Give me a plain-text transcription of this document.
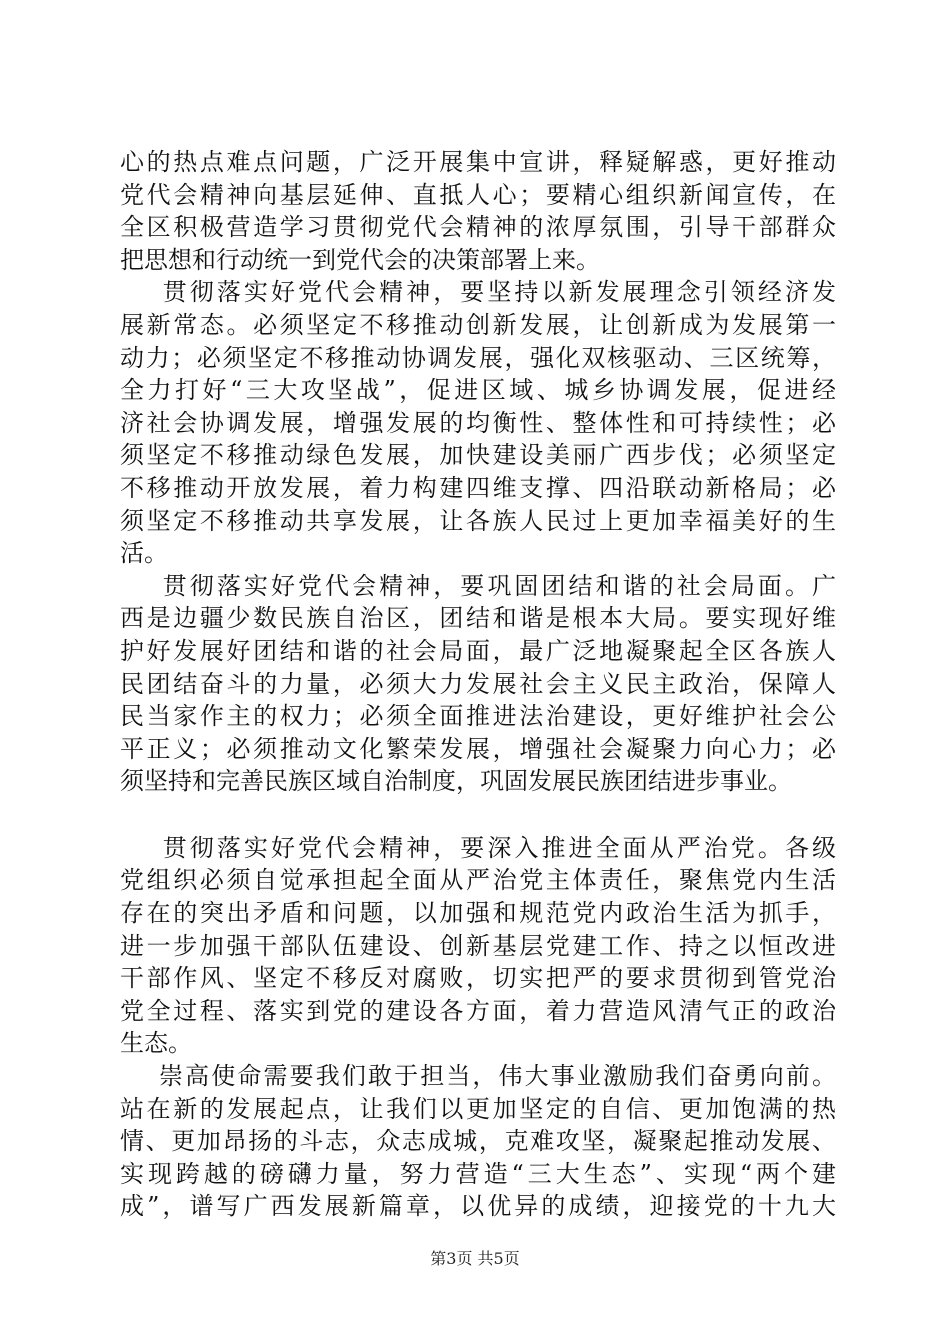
心的热点难点问题，广泛开展集中宣讲，释疑解惑，更好推动
党代会精神向基层延伸、直抵人心；要精心组织新闻宣传，在
全区积极营造学习贯彻党代会精神的浓厚氛围，引导干部群众
把思想和行动统一到党代会的决策部署上来。
贯彻落实好党代会精神，要坚持以新发展理念引领经济发
展新常态。必须坚定不移推动创新发展，让创新成为发展第一
动力；必须坚定不移推动协调发展，强化双核驱动、三区统筹，
全力打好“三大攻坚战”，促进区域、城乡协调发展，促进经
济社会协调发展，增强发展的均衡性、整体性和可持续性；必
须坚定不移推动绿色发展，加快建设美丽广西步伐；必须坚定
不移推动开放发展，着力构建四维支撑、四沿联动新格局；必
须坚定不移推动共享发展，让各族人民过上更加幸福美好的生
活。
贯彻落实好党代会精神，要巩固团结和谐的社会局面。广
西是边疆少数民族自治区，团结和谐是根本大局。要实现好维
护好发展好团结和谐的社会局面，最广泛地凝聚起全区各族人
民团结奋斗的力量，必须大力发展社会主义民主政治，保障人
民当家作主的权力；必须全面推进法治建设，更好维护社会公
平正义；必须推动文化繁荣发展，增强社会凝聚力向心力；必
须坚持和完善民族区域自治制度，巩固发展民族团结进步事业。
贯彻落实好党代会精神，要深入推进全面从严治党。各级
党组织必须自觉承担起全面从严治党主体责任，聚焦党内生活
存在的突出矛盾和问题，以加强和规范党内政治生活为抓手，
进一步加强干部队伍建设、创新基层党建工作、持之以恒改进
干部作风、坚定不移反对腐败，切实把严的要求贯彻到管党治
党全过程、落实到党的建设各方面，着力营造风清气正的政治
生态。
崇高使命需要我们敢于担当，伟大事业激励我们奋勇向前。
站在新的发展起点，让我们以更加坚定的自信、更加饱满的热
情、更加昂扬的斗志，众志成城，克难攻坚，凝聚起推动发展、
实现跨越的磅礴力量，努力营造“三大生态”、实现“两个建
成”，谱写广西发展新篇章，以优异的成绩，迎接党的十九大
第3页 共5页
